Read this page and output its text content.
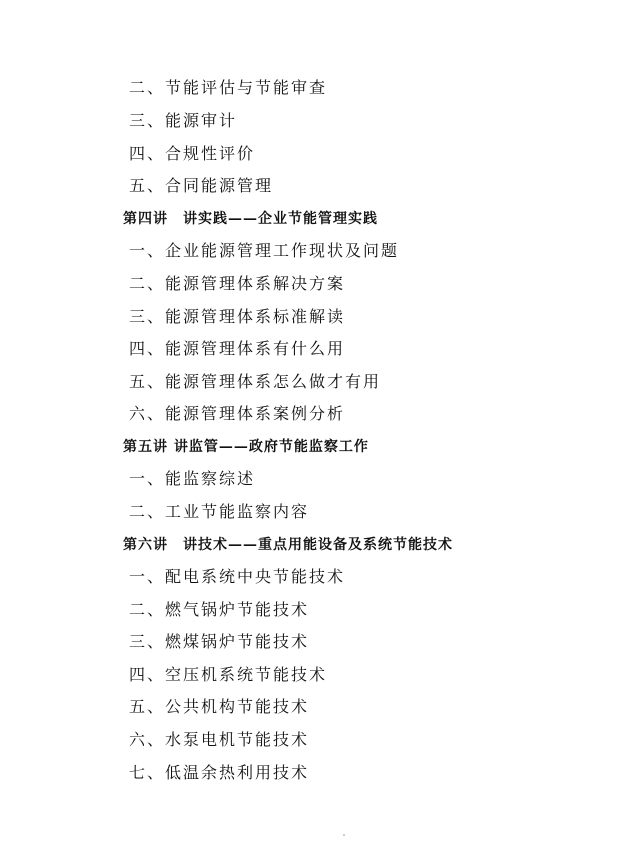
二、节能评估与节能审查
三、能源审计
四、合规性评价
五、合同能源管理
第四讲　讲实践——企业节能管理实践
一、企业能源管理工作现状及问题
二、能源管理体系解决方案
三、能源管理体系标准解读
四、能源管理体系有什么用
五、能源管理体系怎么做才有用
六、能源管理体系案例分析
第五讲 讲监管——政府节能监察工作
一、能监察综述
二、工业节能监察内容
第六讲　讲技术——重点用能设备及系统节能技术
一、配电系统中央节能技术
二、燃气锅炉节能技术
三、燃煤锅炉节能技术
四、空压机系统节能技术
五、公共机构节能技术
六、水泵电机节能技术
七、低温余热利用技术
